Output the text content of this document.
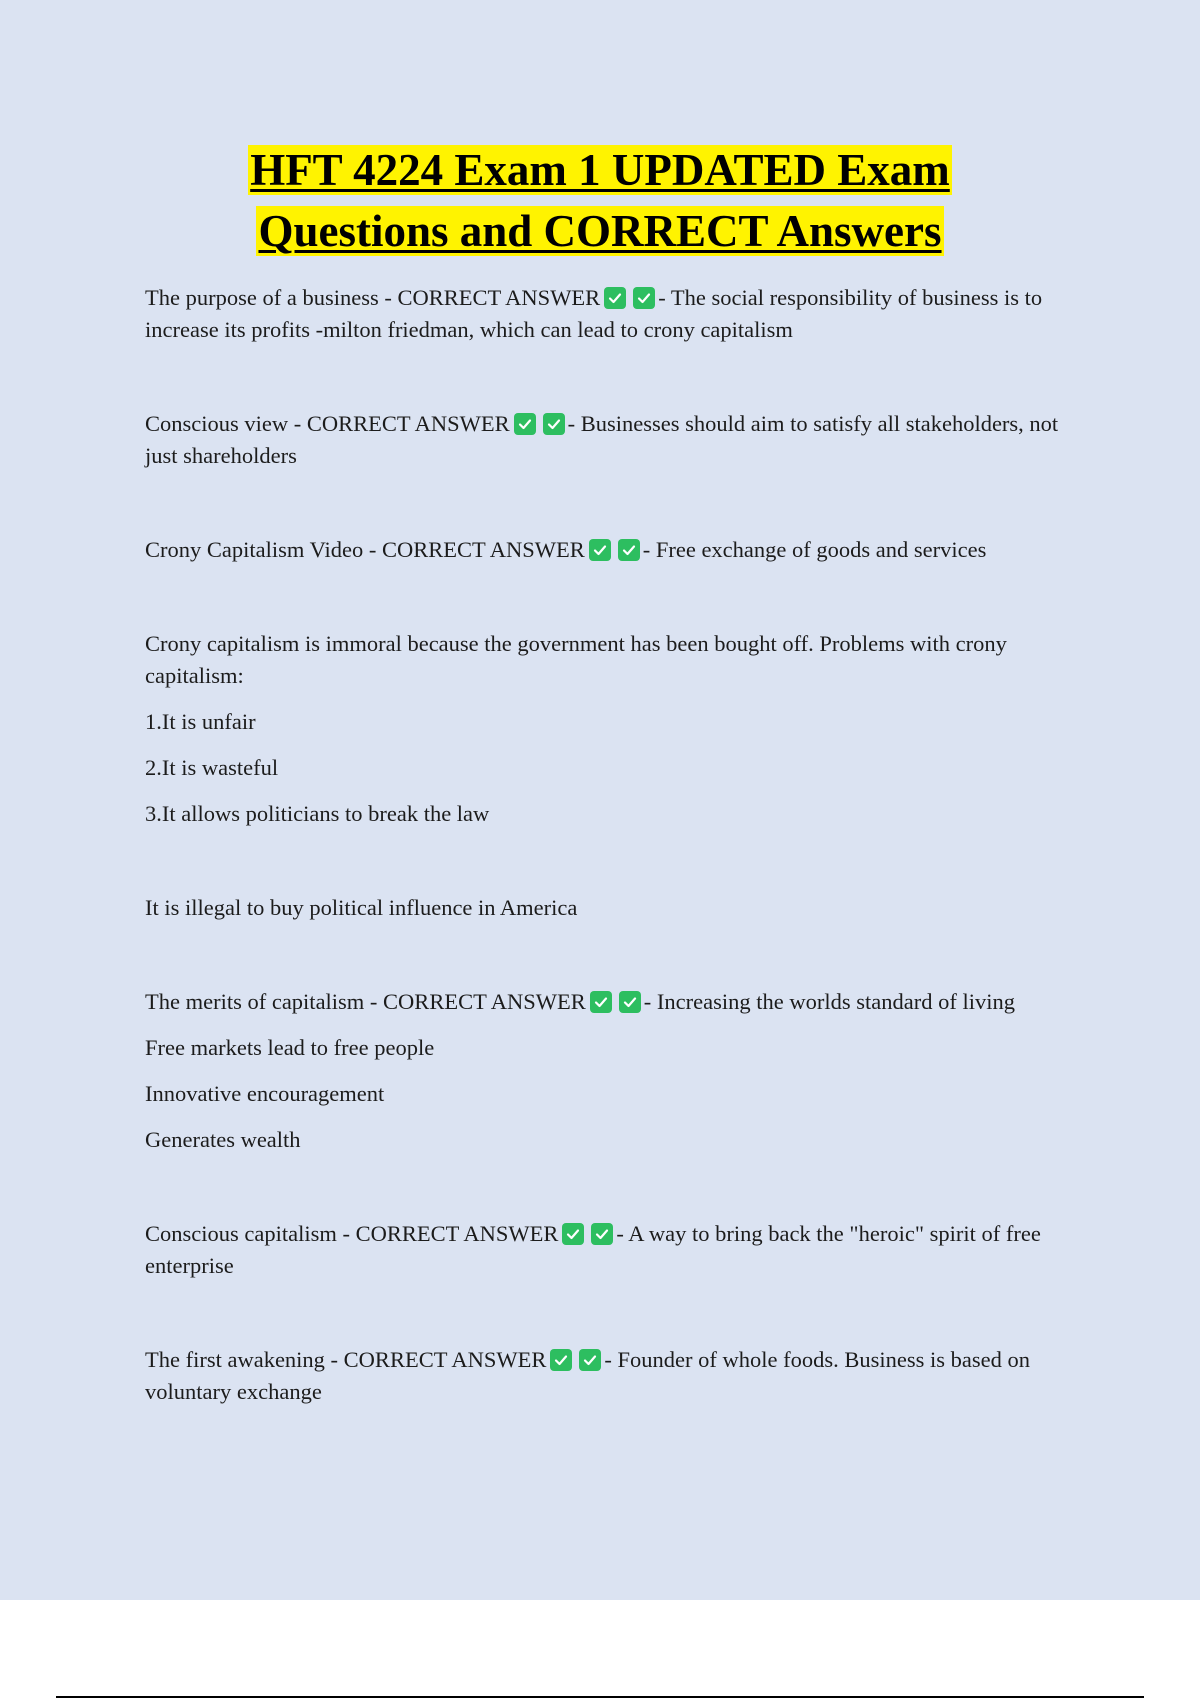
HFT 4224 Exam 1 UPDATED Exam
Questions and CORRECT Answers

The purpose of a business - CORRECT ANSWER	- The social responsibility of business is to increase its profits -milton friedman, which can lead to crony capitalism

Conscious view - CORRECT ANSWER	- Businesses should aim to satisfy all stakeholders, not just shareholders

Crony Capitalism Video - CORRECT ANSWER	- Free exchange of goods and services

Crony capitalism is immoral because the government has been bought off. Problems with crony capitalism:

1.It is unfair

2.It is wasteful

3.It allows politicians to break the law

It is illegal to buy political influence in America

The merits of capitalism - CORRECT ANSWER	- Increasing the worlds standard of living

Free markets lead to free people

Innovative encouragement

Generates wealth

Conscious capitalism - CORRECT ANSWER	- A way to bring back the "heroic" spirit of free enterprise

The first awakening - CORRECT ANSWER	- Founder of whole foods. Business is based on voluntary exchange
